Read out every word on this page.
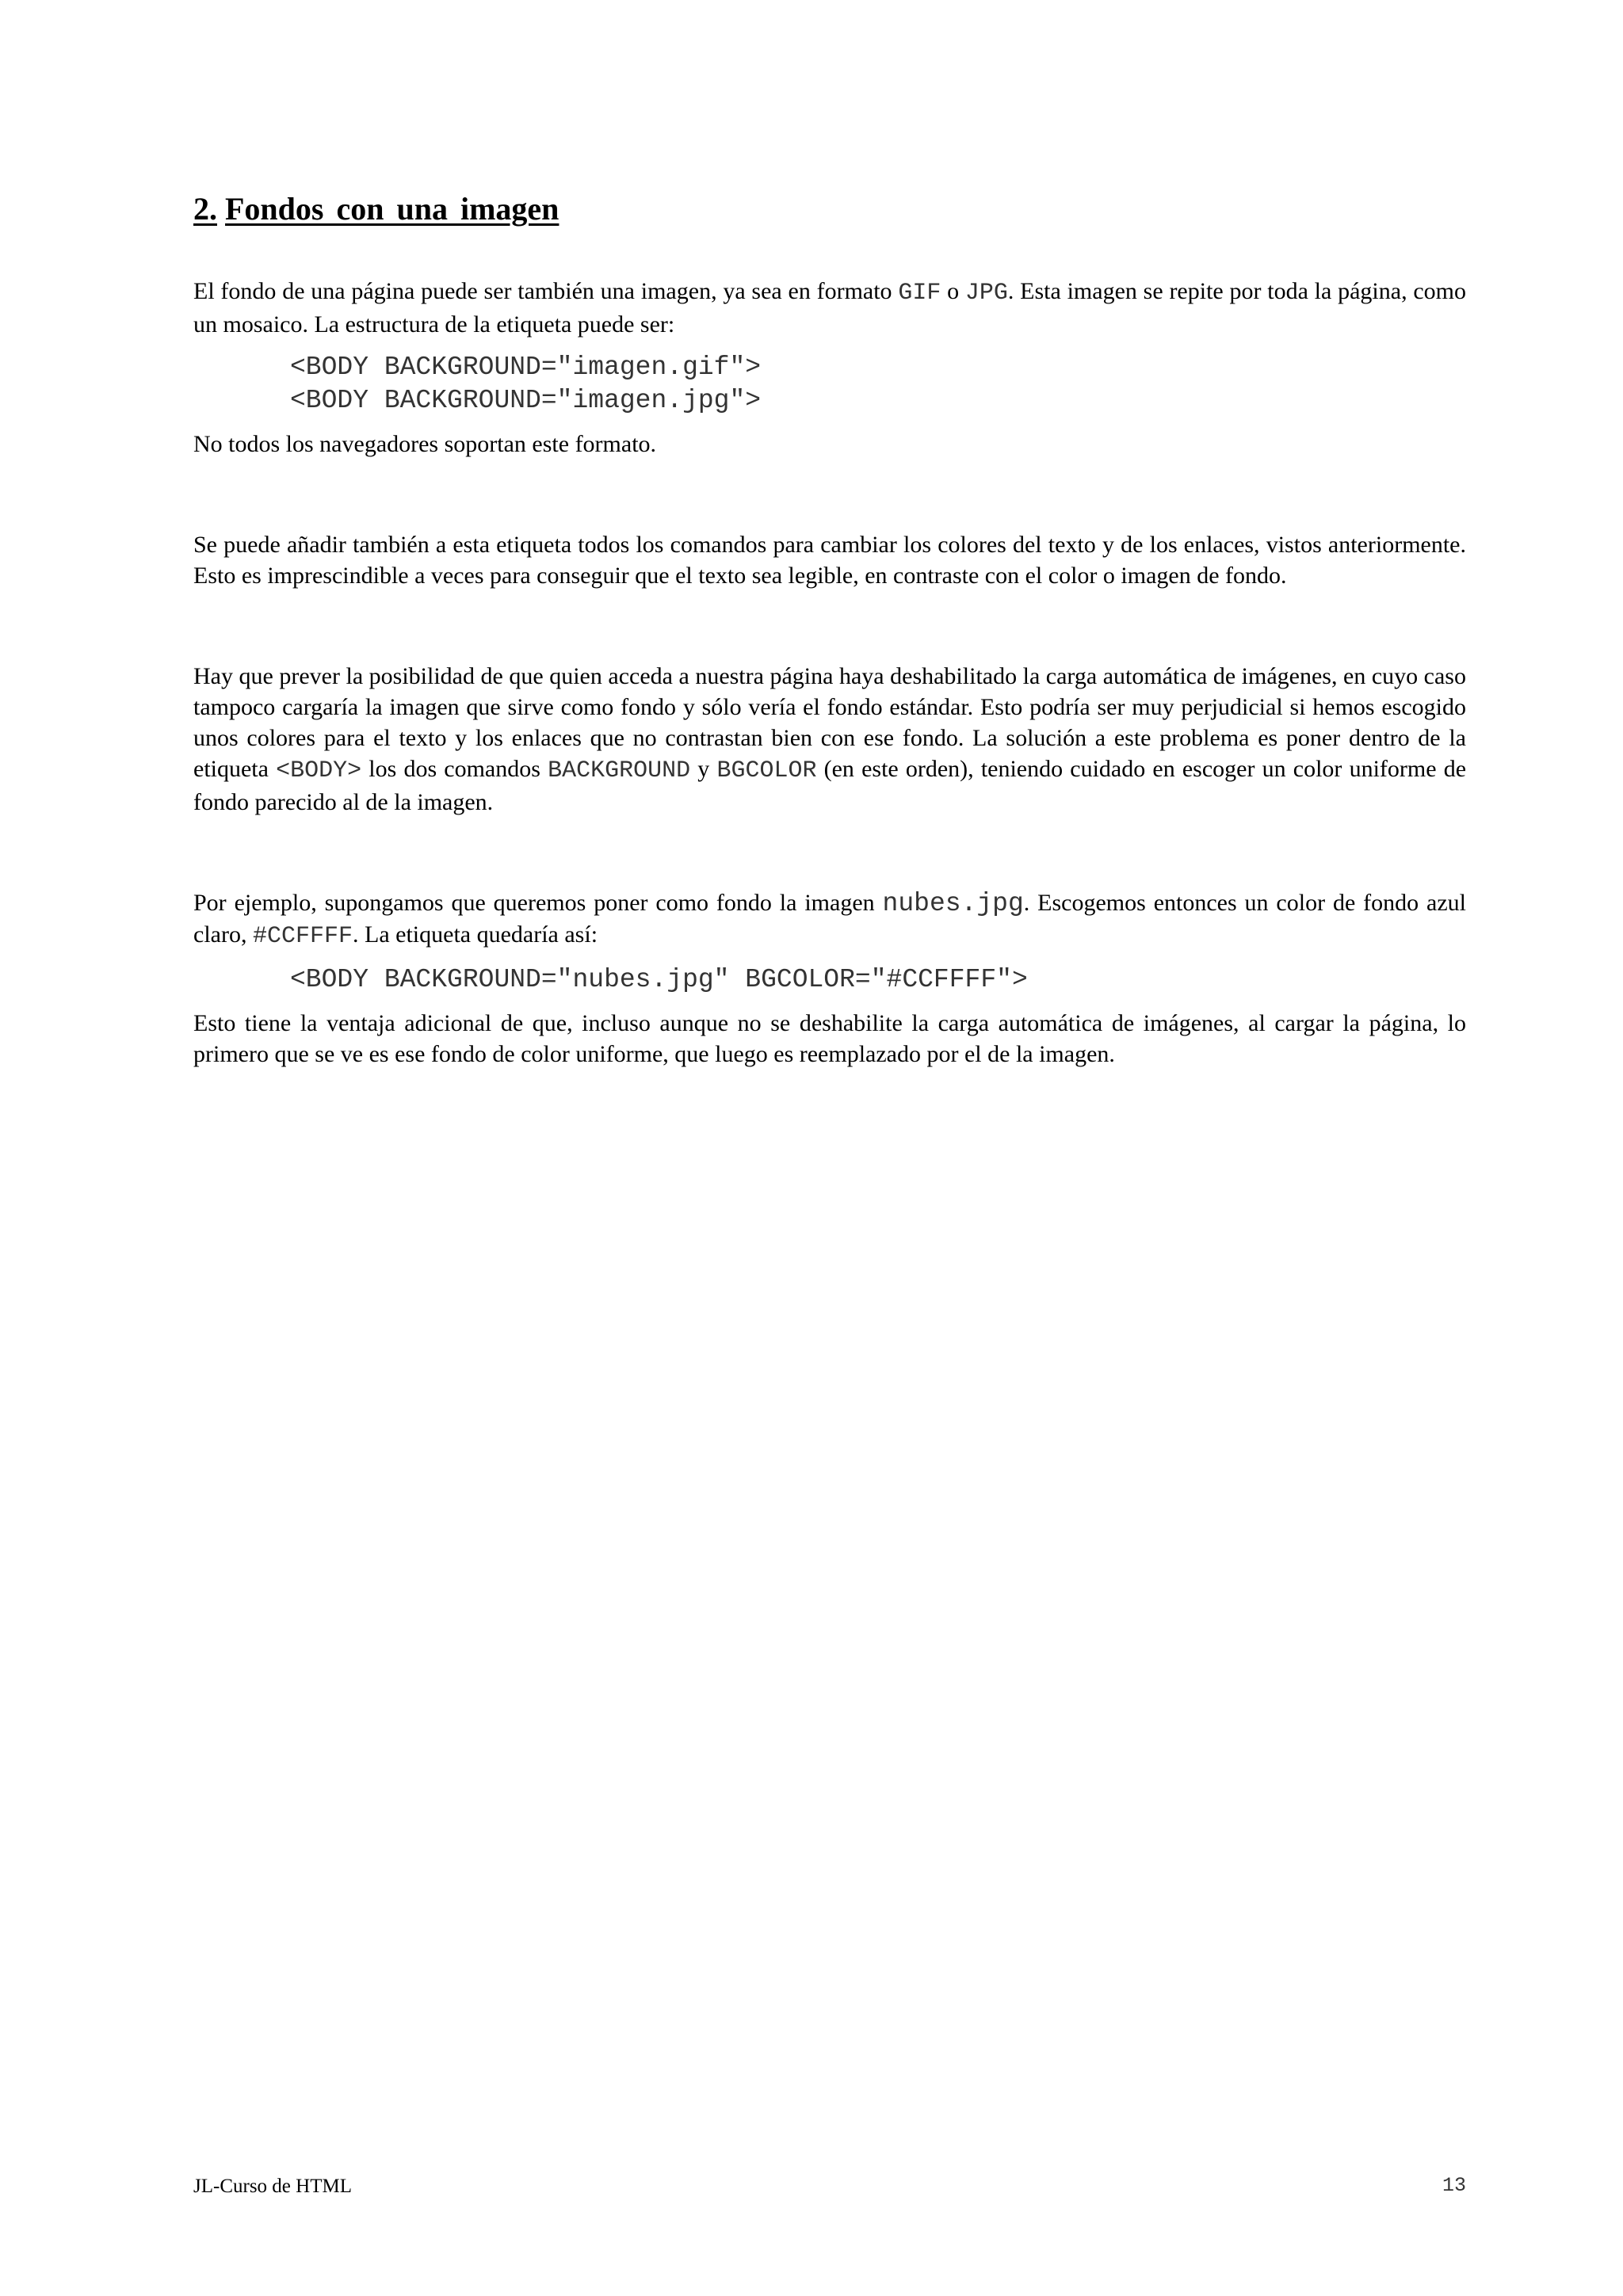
2. Fondos con una imagen

El fondo de una página puede ser también una imagen, ya sea en formato GIF o JPG. Esta imagen se repite por toda la página, como un mosaico. La estructura de la etiqueta puede ser:

<BODY BACKGROUND="imagen.gif">
<BODY BACKGROUND="imagen.jpg">

No todos los navegadores soportan este formato.

Se puede añadir también a esta etiqueta todos los comandos para cambiar los colores del texto y de los enlaces, vistos anteriormente. Esto es imprescindible a veces para conseguir que el texto sea legible, en contraste con el color o imagen de fondo.

Hay que prever la posibilidad de que quien acceda a nuestra página haya deshabilitado la carga automática de imágenes, en cuyo caso tampoco cargaría la imagen que sirve como fondo y sólo vería el fondo estándar. Esto podría ser muy perjudicial si hemos escogido unos colores para el texto y los enlaces que no contrastan bien con ese fondo. La solución a este problema es poner dentro de la etiqueta <BODY> los dos comandos BACKGROUND y BGCOLOR (en este orden), teniendo cuidado en escoger un color uniforme de fondo parecido al de la imagen.

Por ejemplo, supongamos que queremos poner como fondo la imagen nubes.jpg. Escogemos entonces un color de fondo azul claro, #CCFFFF. La etiqueta quedaría así:

<BODY BACKGROUND="nubes.jpg" BGCOLOR="#CCFFFF">

Esto tiene la ventaja adicional de que, incluso aunque no se deshabilite la carga automática de imágenes, al cargar la página, lo primero que se ve es ese fondo de color uniforme, que luego es reemplazado por el de la imagen.

JL-Curso de HTML	13
